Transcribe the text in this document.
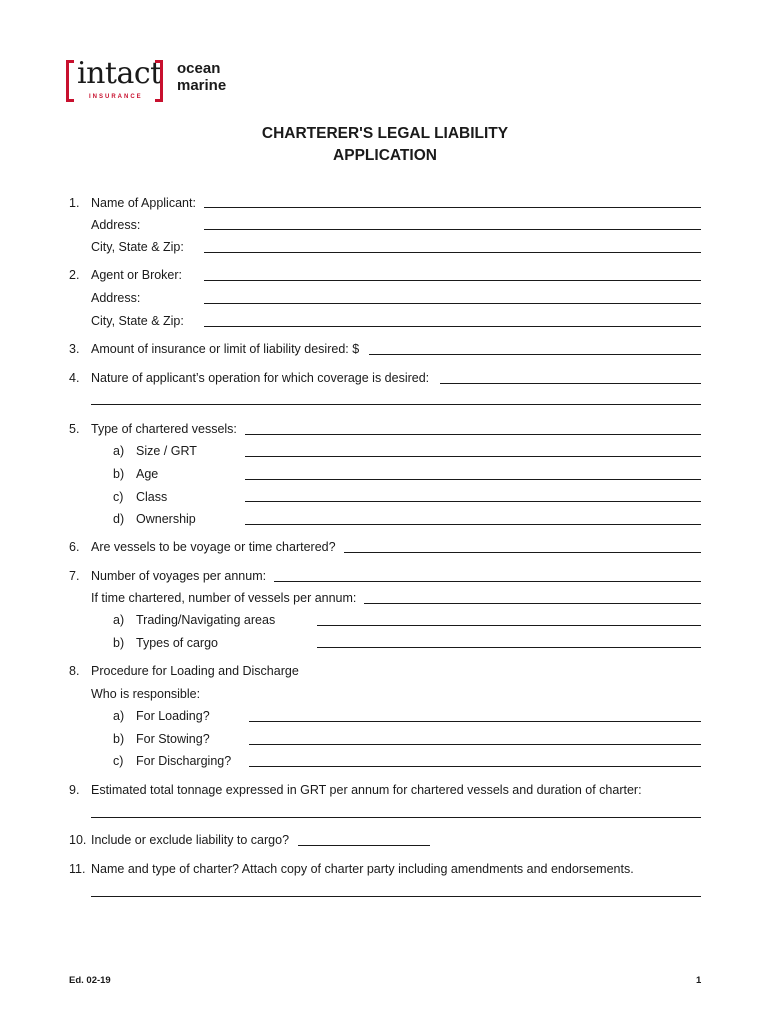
intact
INSURANCE
ocean
marine
CHARTERER'S LEGAL LIABILITY
APPLICATION
1. Name of Applicant:
Address:
City, State & Zip:
2. Agent or Broker:
Address:
City, State & Zip:
3. Amount of insurance or limit of liability desired: $
4. Nature of applicant’s operation for which coverage is desired:
5. Type of chartered vessels:
a) Size / GRT
b) Age
c) Class
d) Ownership
6. Are vessels to be voyage or time chartered?
7. Number of voyages per annum:
If time chartered, number of vessels per annum:
a) Trading/Navigating areas
b) Types of cargo
8. Procedure for Loading and Discharge
Who is responsible:
a) For Loading?
b) For Stowing?
c) For Discharging?
9. Estimated total tonnage expressed in GRT per annum for chartered vessels and duration of charter:
10. Include or exclude liability to cargo?
11. Name and type of charter? Attach copy of charter party including amendments and endorsements.
Ed. 02-19	1
